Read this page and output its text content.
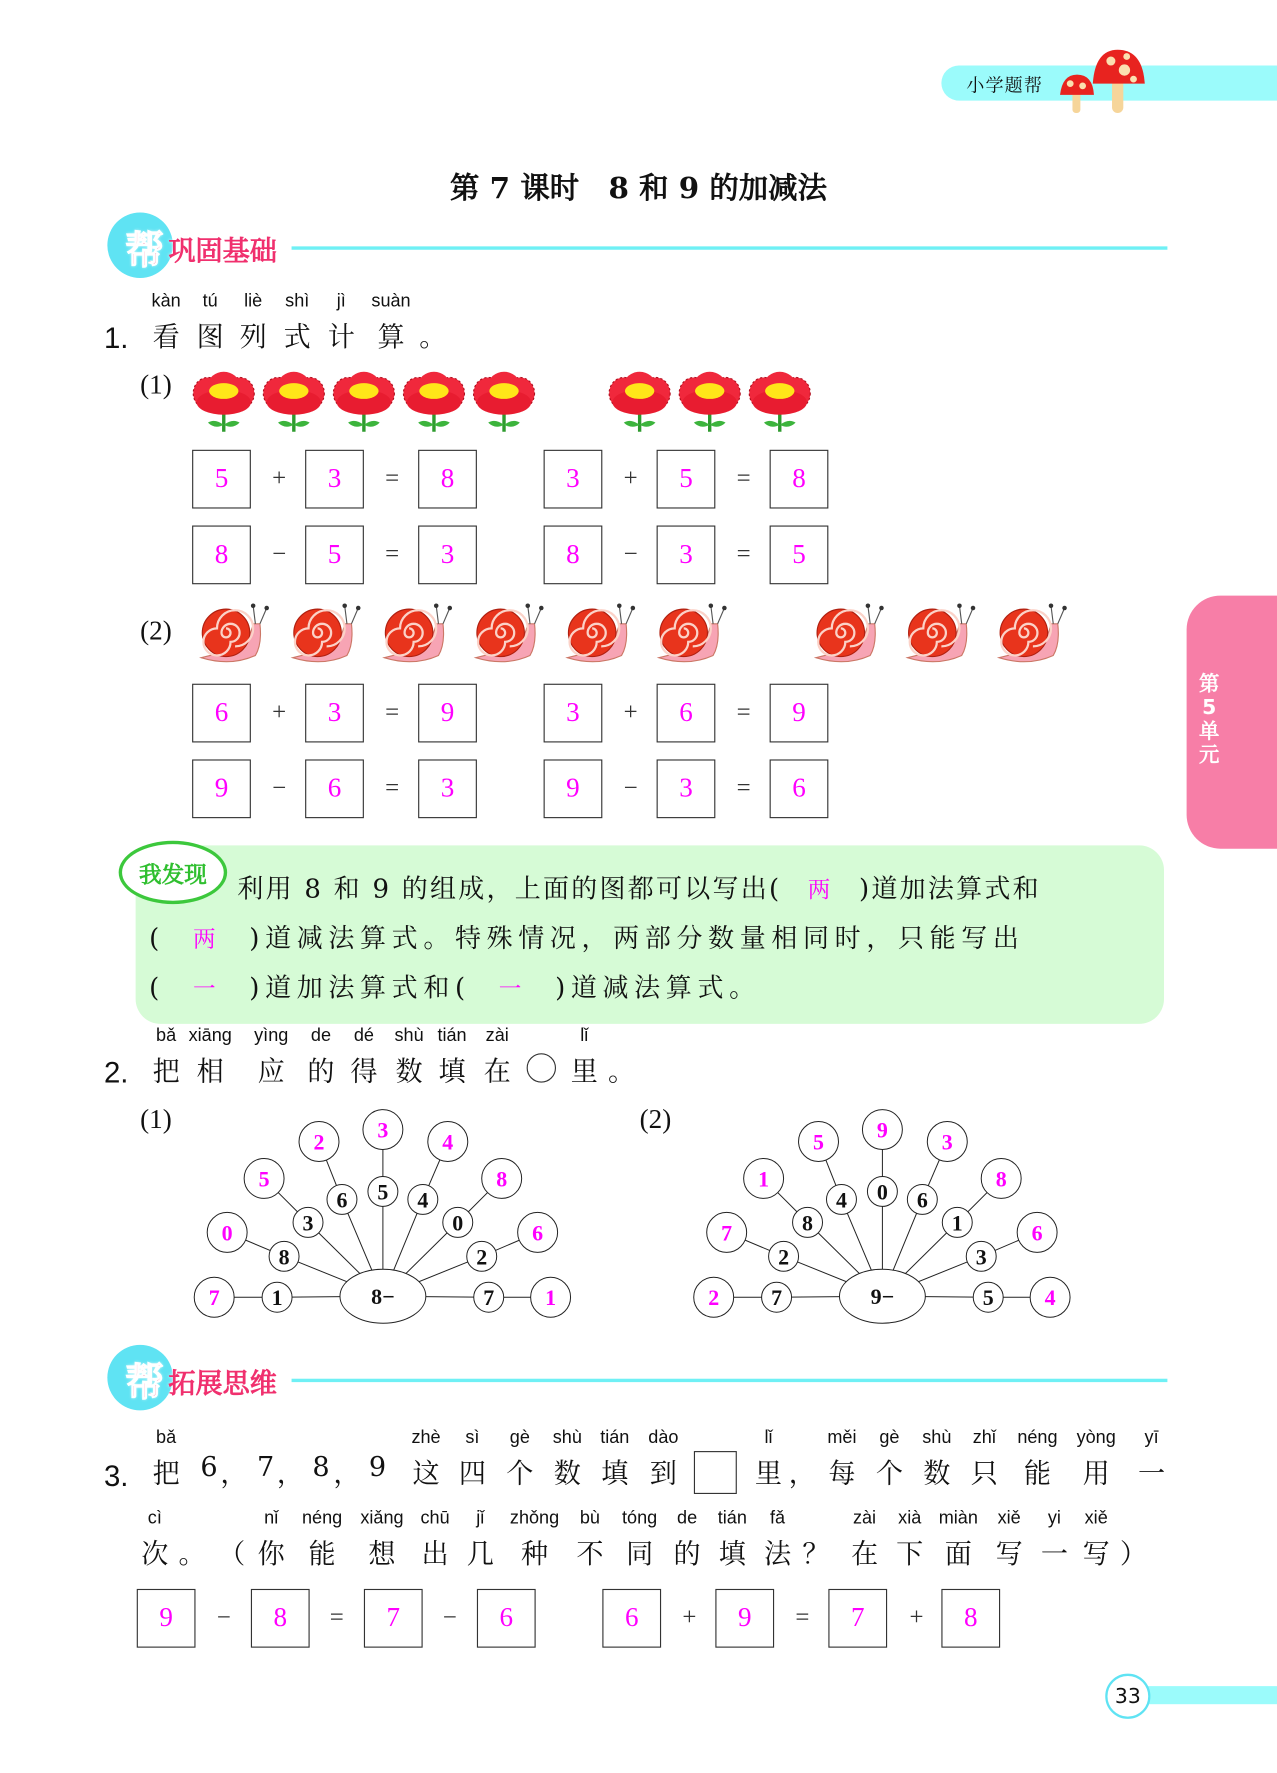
小学题帮
第 7 课时　8 和 9 的加减法
帮 巩固基础
1.
kàn
看
tú
图
liè
列
shì
式
jì
计
suàn
算 。
(1)
5	+	3	=	8	3	+	5	=	8
8	−	5	=	3	8	−	3	=	5
(2)
6	+	3	=	9	3	+	6	=	9
9	−	6	=	3	9	−	3	=	6
我发现
利用 8 和 9 的组成，上面的图都可以写出( 两 )道加法算式和
( 两 )道减法算式。特殊情况，两部分数量相同时，只能写出
( 一 )道加法算式和( 一 )道减法算式。
2.
bǎ
把
xiāng
相
yìng
应
de
的
dé
得
shù
数
tián
填
zài
在
lǐ
里 。
(1)	(2)
8−
1
8
3
6 5 4
0
2
7
7
0
5
2 3 4
8
6
1	9−
7
2
8
4 0 6
1
3
5
2
7
1
5 9 3
8
6
4
帮 拓展思维
3.
bǎ
把 6 ， 7 ， 8 ， 9
zhè
这
sì
四
gè
个
shù
数
tián
填
dào
到
lǐ
里 ，
měi
每
gè
个
shù
数
zhǐ
只
néng
能
yòng
用
yī
一
cì
次 。 （
nǐ
你
néng
能
xiǎng
想
chū
出
jǐ
几
zhǒng
种
bù
不
tóng
同
de
的
tián
填
fǎ
法 ？
zài
在
xià
下
miàn
面
xiě
写
yi
一
xiě
写 ）
9	−	8	=	7	−	6	6	+	9	=	7	+	8
第5单元
33
